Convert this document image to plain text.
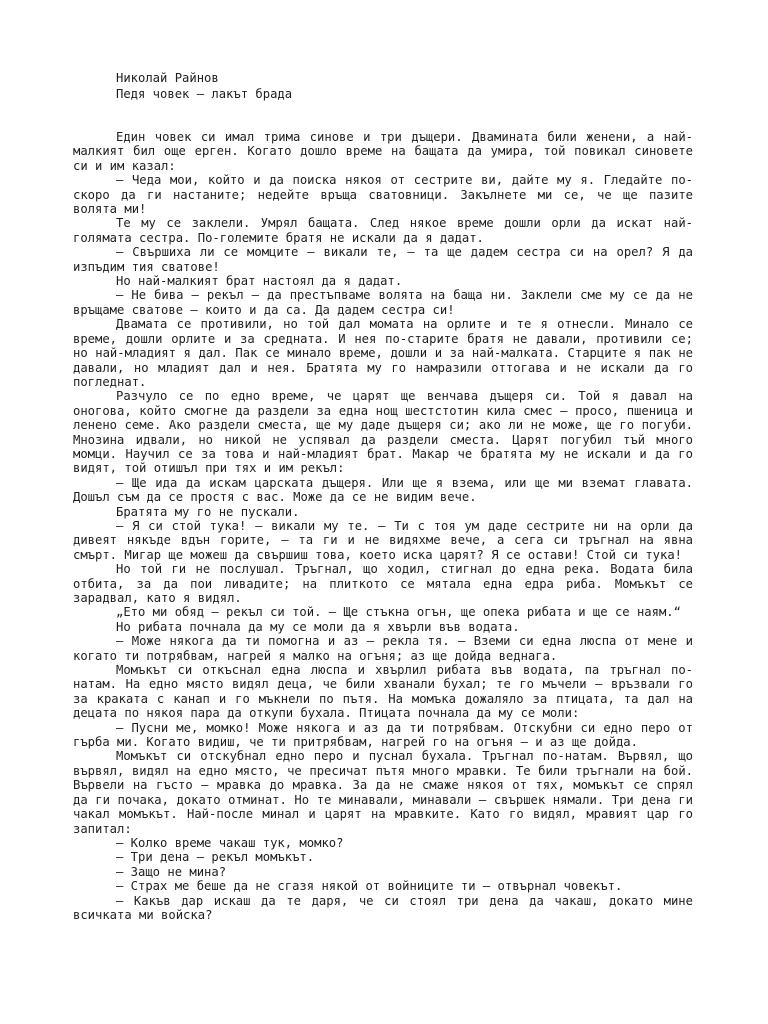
Николай Райнов
Педя човек — лакът брада

Един човек си имал трима синове и три дъщери. Двамината били женени, а най-малкият бил още ерген. Когато дошло време на бащата да умира, той повикал синовете си и им казал:

— Чеда мои, който и да поиска някоя от сестрите ви, дайте му я. Гледайте по-скоро да ги настаните; недейте връща сватовници. Закълнете ми се, че ще пазите волята ми!

Те му се заклели. Умрял бащата. След някое време дошли орли да искат най-голямата сестра. По-големите братя не искали да я дадат.

— Свършиха ли се момците — викали те, — та ще дадем сестра си на орел? Я да изпъдим тия сватове!

Но най-малкият брат настоял да я дадат.

— Не бива — рекъл — да престъпваме волята на баща ни. Заклели сме му се да не връщаме сватове — които и да са. Да дадем сестра си!

Двамата се противили, но той дал момата на орлите и те я отнесли. Минало се време, дошли орлите и за средната. И нея по-старите братя не давали, противили се; но най-младият я дал. Пак се минало време, дошли и за най-малката. Старците я пак не давали, но младият дал и нея. Братята му го намразили оттогава и не искали да го погледнат.

Разчуло се по едно време, че царят ще венчава дъщеря си. Той я давал на оногова, който смогне да раздели за една нощ шестстотин кила смес — просо, пшеница и ленено семе. Ако раздели сместа, ще му даде дъщеря си; ако ли не може, ще го погуби. Мнозина идвали, но никой не успявал да раздели сместа. Царят погубил тъй много момци. Научил се за това и най-младият брат. Макар че братята му не искали и да го видят, той отишъл при тях и им рекъл:

— Ще ида да искам царската дъщеря. Или ще я взема, или ще ми вземат главата. Дошъл съм да се простя с вас. Може да се не видим вече.

Братята му го не пускали.

— Я си стой тука! — викали му те. — Ти с тоя ум даде сестрите ни на орли да дивеят някъде вдън горите, — та ги и не видяхме вече, а сега си тръгнал на явна смърт. Мигар ще можеш да свършиш това, което иска царят? Я се остави! Стой си тука!

Но той ги не послушал. Тръгнал, що ходил, стигнал до една река. Водата била отбита, за да пои ливадите; на плиткото се мятала една едра риба. Момъкът се зарадвал, като я видял.

„Ето ми обяд — рекъл си той. — Ще стъкна огън, ще опека рибата и ще се наям.“

Но рибата почнала да му се моли да я хвърли във водата.

— Може някога да ти помогна и аз — рекла тя. — Вземи си една люспа от мене и когато ти потрябвам, нагрей я малко на огъня; аз ще дойда веднага.

Момъкът си откъснал една люспа и хвърлил рибата във водата, па тръгнал по-натам. На едно място видял деца, че били хванали бухал; те го мъчели — връзвали го за краката с канап и го мъкнели по пътя. На момъка дожаляло за птицата, та дал на децата по някоя пара да откупи бухала. Птицата почнала да му се моли:

— Пусни ме, момко! Може някога и аз да ти потрябвам. Отскубни си едно перо от гърба ми. Когато видиш, че ти притрябвам, нагрей го на огъня — и аз ще дойда.

Момъкът си отскубнал едно перо и пуснал бухала. Тръгнал по-натам. Вървял, що вървял, видял на едно място, че пресичат пътя много мравки. Те били тръгнали на бой. Вървели на гъсто — мравка до мравка. За да не смаже някоя от тях, момъкът се спрял да ги почака, докато отминат. Но те минавали, минавали — свършек нямали. Три дена ги чакал момъкът. Най-после минал и царят на мравките. Като го видял, мравият цар го запитал:

— Колко време чакаш тук, момко?

— Три дена — рекъл момъкът.

— Защо не мина?

— Страх ме беше да не сгазя някой от войниците ти — отвърнал човекът.

— Какъв дар искаш да те даря, че си стоял три дена да чакаш, докато мине всичката ми войска?
